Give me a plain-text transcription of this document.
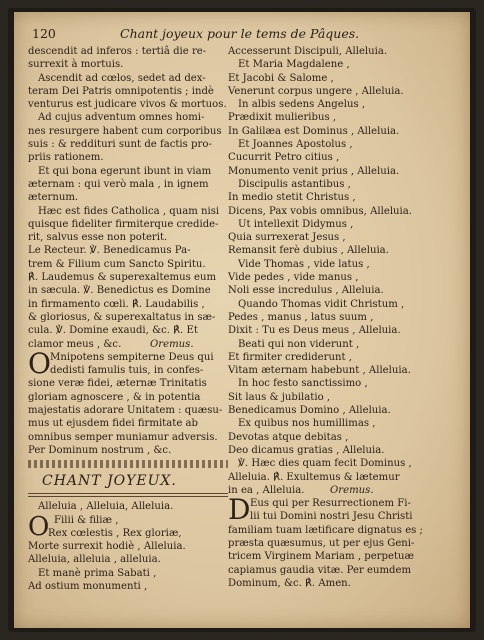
120	Chant joyeux pour le tems de Pâques.
descendit ad inferos : tertiâ die re-
surrexit à mortuis.
Ascendit ad cœlos, sedet ad dex-
teram Dei Patris omnipotentis ; indè
venturus est judicare vivos & mortuos.
Ad cujus adventum omnes homi-
nes resurgere habent cum corporibus
suis : & reddituri sunt de factis pro-
priis rationem.
Et qui bona egerunt ibunt in viam
æternam : qui verò mala , in ignem
æternum.
Hæc est fides Catholica , quam nisi
quisque fideliter firmiterque credide-
rit, salvus esse non poterit.
Le Recteur. ℣. Benedicamus Pa-
trem & Filium cum Sancto Spiritu.
℟. Laudemus & superexaltemus eum
in sæcula. ℣. Benedictus es Domine
in firmamento cœli. ℟. Laudabilis ,
& gloriosus, & superexaltatus in sæ-
cula. ℣. Domine exaudi, &c. ℟. Et
clamor meus , &c.	Oremus.
O Mnipotens sempiterne Deus qui
dedisti famulis tuis, in confes-
sione veræ fidei, æternæ Trinitatis
gloriam agnoscere , & in potentia
majestatis adorare Unitatem : quæsu-
mus ut ejusdem fidei firmitate ab
omnibus semper muniamur adversis.
Per Dominum nostrum , &c.
CHANT JOYEUX.
Alleluia , Alleluia, Alleluia.
O Filii & filiæ ,
Rex cœlestis , Rex gloriæ,
Morte surrexit hodiè , Alleluia.
Alleluia, alleluia , alleluia.
Et manè prima Sabati ,
Ad ostium monumenti ,
Accesserunt Discipuli, Alleluia.
Et Maria Magdalene ,
Et Jacobi & Salome ,
Venerunt corpus ungere , Alleluia.
In albis sedens Angelus ,
Prædixit mulieribus ,
In Galilæa est Dominus , Alleluia.
Et Joannes Apostolus ,
Cucurrit Petro citius ,
Monumento venit prius , Alleluia.
Discipulis astantibus ,
In medio stetit Christus ,
Dicens, Pax vobis omnibus, Alleluia.
Ut intellexit Didymus ,
Quia surrexerat Jesus ,
Remansit ferè dubius , Alleluia.
Vide Thomas , vide latus ,
Vide pedes , vide manus ,
Noli esse incredulus , Alleluia.
Quando Thomas vidit Christum ,
Pedes , manus , latus suum ,
Dixit : Tu es Deus meus , Alleluia.
Beati qui non viderunt ,
Et firmiter crediderunt ,
Vitam æternam habebunt , Alleluia.
In hoc festo sanctissimo ,
Sit laus & jubilatio ,
Benedicamus Domino , Alleluia.
Ex quibus nos humillimas ,
Devotas atque debitas ,
Deo dicamus gratias , Alleluia.
℣. Hæc dies quam fecit Dominus ,
Alleluia. ℟. Exultemus & lætemur
in ea , Alleluia.	Oremus.
D Eus qui per Resurrectionem Fi-
lii tui Domini nostri Jesu Christi
familiam tuam lætificare dignatus es ;
præsta quæsumus, ut per ejus Geni-
tricem Virginem Mariam , perpetuæ
capiamus gaudia vitæ. Per eumdem
Dominum, &c. ℟. Amen.
